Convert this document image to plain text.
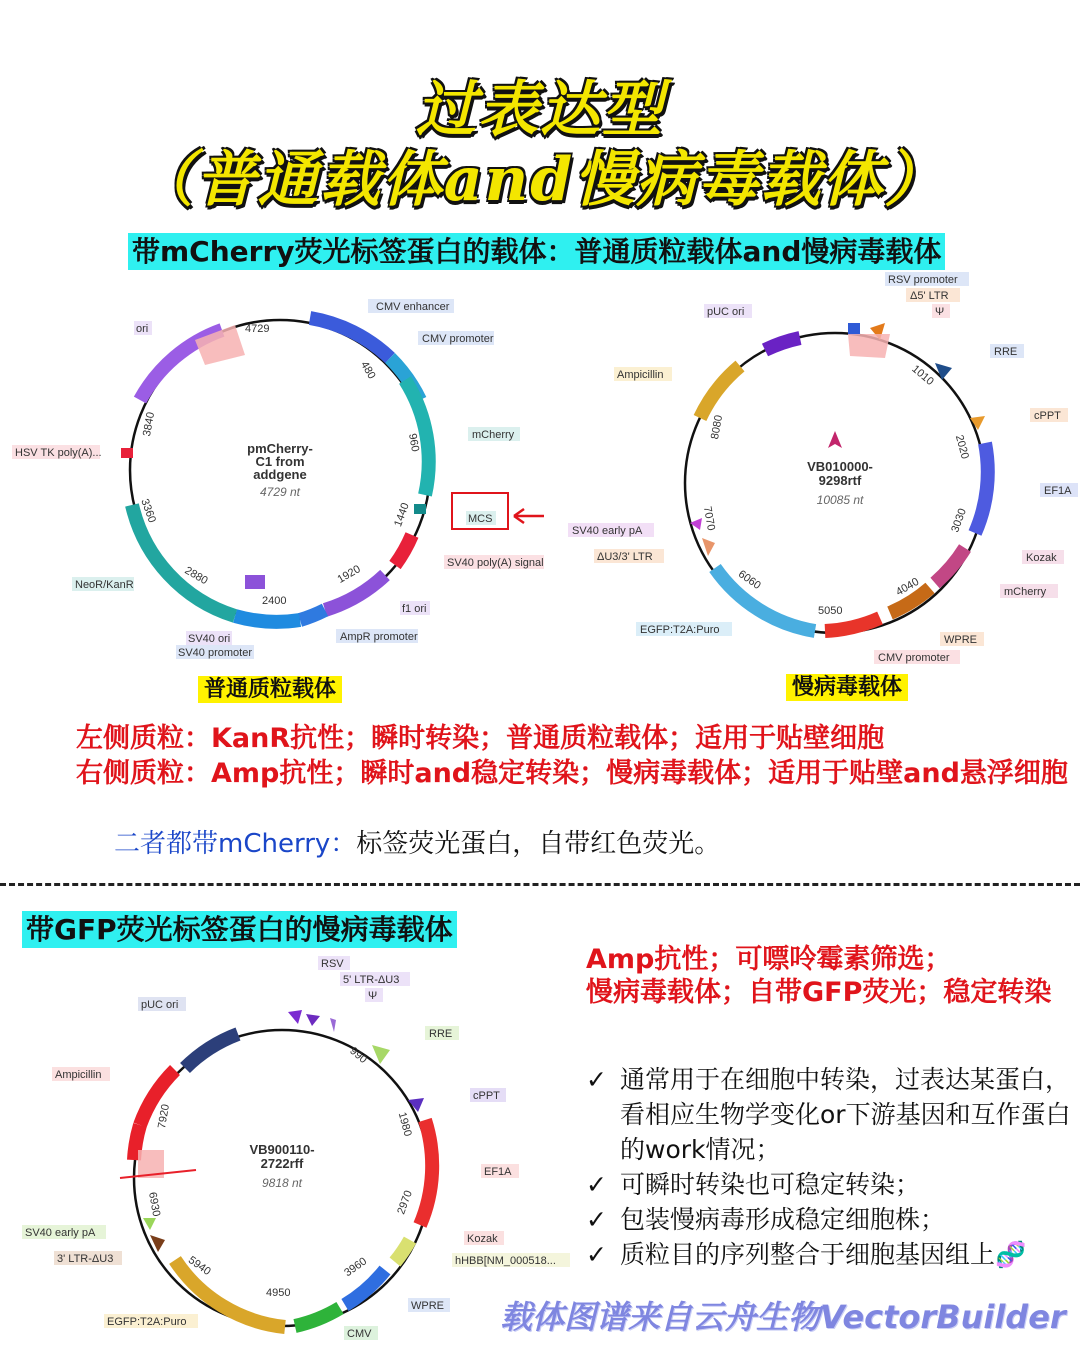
过表达型
（普通载体and慢病毒载体）
带mCherry荧光标签蛋白的载体：普通质粒载体and慢病毒载体
4729
480
960
1440
1920
2400
2880
3360
3840
pmCherry-
C1 from
addgene
4729 nt
CMV enhancer
CMV promoter
mCherry
MCS
SV40 poly(A) signal
f1 ori
AmpR promoter
SV40 ori
SV40 promoter
NeoR/KanR
HSV TK poly(A)...
ori
1010
2020
3030
4040
5050
6060
7070
8080
VB010000-
9298rtf
10085 nt
RSV promoter
Δ5' LTR
Ψ
RRE
cPPT
EF1A
Kozak
mCherry
WPRE
CMV promoter
EGFP:T2A:Puro
ΔU3/3' LTR
SV40 early pA
Ampicillin
pUC ori
普通质粒载体	慢病毒载体
左侧质粒：KanR抗性；瞬时转染；普通质粒载体；适用于贴壁细胞
右侧质粒：Amp抗性；瞬时and稳定转染；慢病毒载体；适用于贴壁and悬浮细胞
二者都带mCherry：标签荧光蛋白，自带红色荧光。
带GFP荧光标签蛋白的慢病毒载体
990
1980
2970
3960
4950
5940
6930
7920
VB900110-
2722rff
9818 nt
RSV
5' LTR-ΔU3
Ψ
RRE
cPPT
EF1A
Kozak
hHBB[NM_000518...
WPRE
CMV
EGFP:T2A:Puro
3' LTR-ΔU3
SV40 early pA
Ampicillin
pUC ori
Amp抗性；可嘌呤霉素筛选；
慢病毒载体；自带GFP荧光；稳定转染
✓ 通常用于在细胞中转染，过表达某蛋白，看相应生物学变化or下游基因和互作蛋白的work情况；
✓ 可瞬时转染也可稳定转染；
✓ 包装慢病毒形成稳定细胞株；
✓ 质粒目的序列整合于细胞基因组上🧬
载体图谱来自云舟生物VectorBuilder
